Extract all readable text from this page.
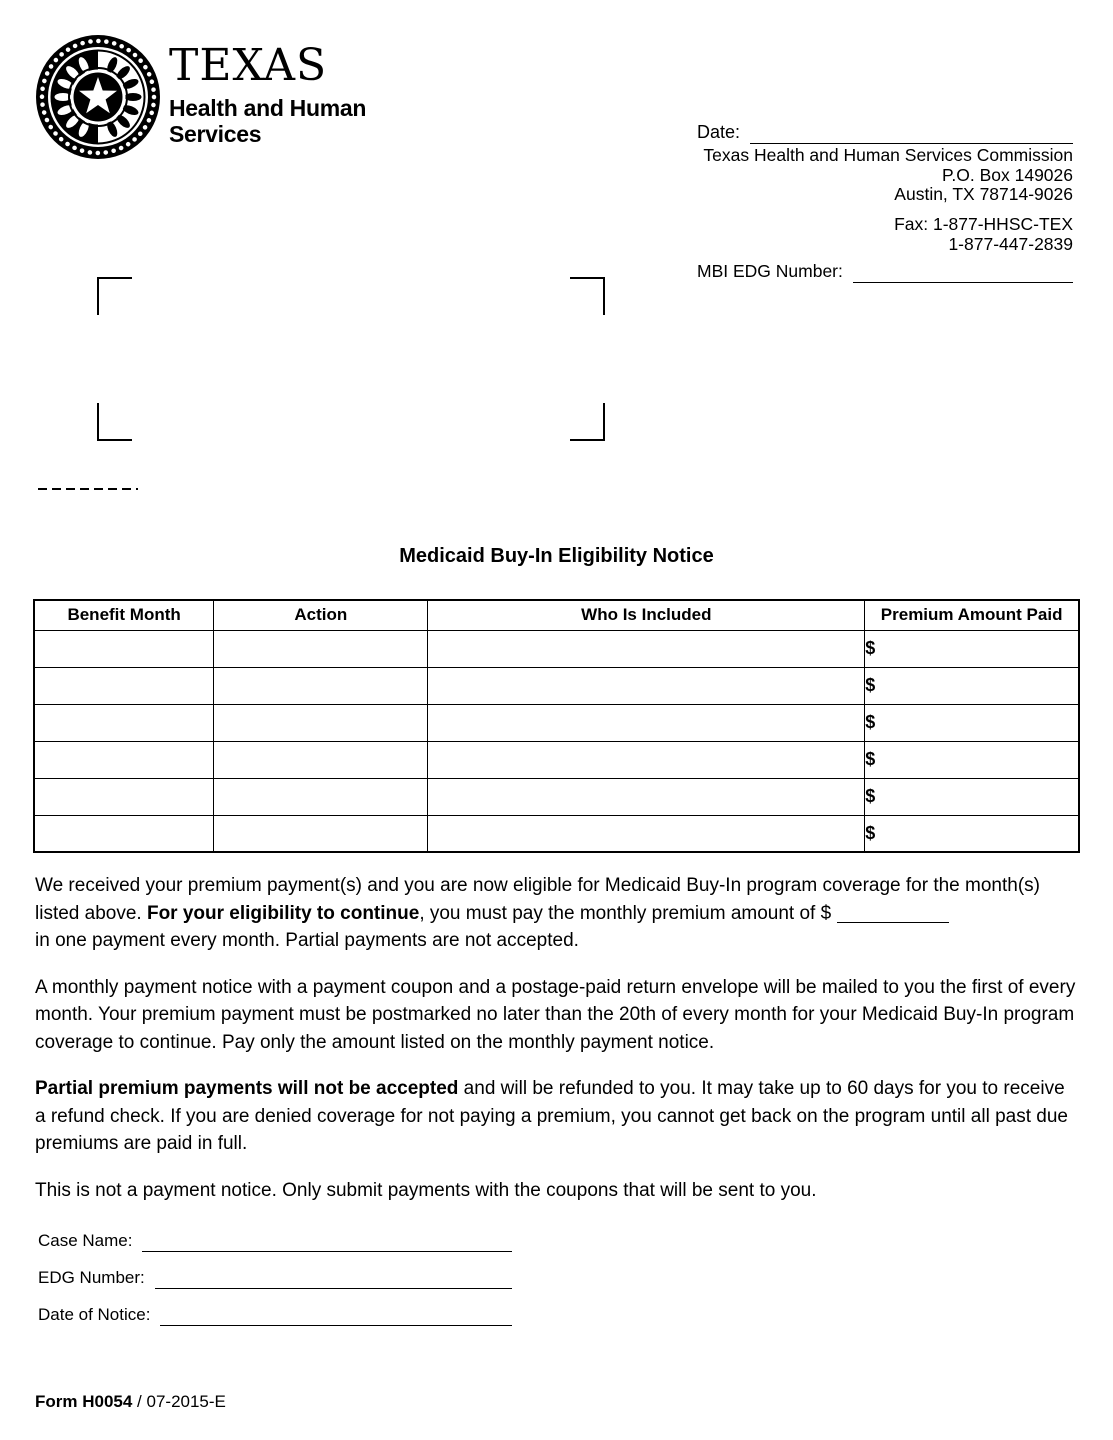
TEXAS
Health and Human
Services	Date:
Texas Health and Human Services Commission
P.O. Box 149026
Austin, TX 78714-9026
Fax: 1-877-HHSC-TEX
1-877-447-2839
MBI EDG Number:
Medicaid Buy-In Eligibility Notice
Benefit Month	Action	Who Is Included	Premium Amount Paid
			$
			$
			$
			$
			$
			$

We received your premium payment(s) and you are now eligible for Medicaid Buy-In program coverage for the month(s) listed above. For your eligibility to continue, you must pay the monthly premium amount of $
in one payment every month. Partial payments are not accepted.

A monthly payment notice with a payment coupon and a postage-paid return envelope will be mailed to you the first of every month. Your premium payment must be postmarked no later than the 20th of every month for your Medicaid Buy-In program coverage to continue. Pay only the amount listed on the monthly payment notice.

Partial premium payments will not be accepted and will be refunded to you. It may take up to 60 days for you to receive a refund check. If you are denied coverage for not paying a premium, you cannot get back on the program until all past due premiums are paid in full.

This is not a payment notice. Only submit payments with the coupons that will be sent to you.

Case Name:
EDG Number:
Date of Notice:
Form H0054 / 07-2015-E
